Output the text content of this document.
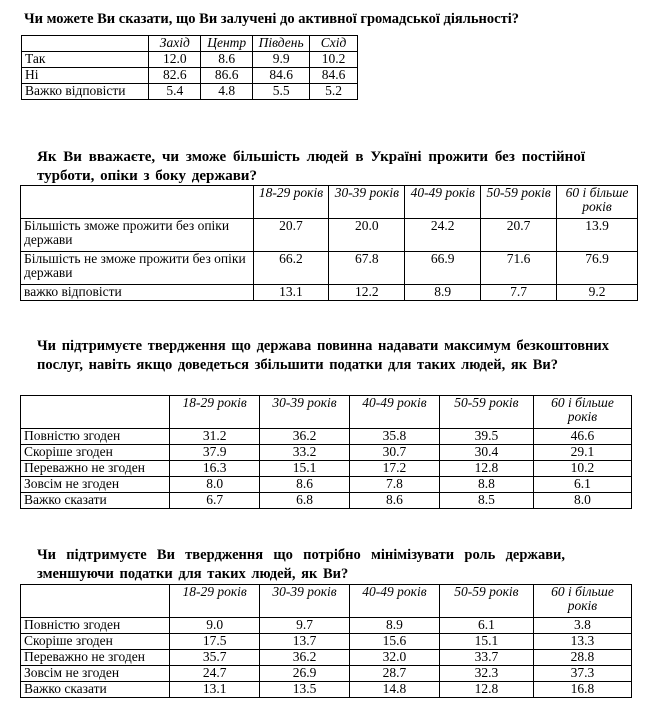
Чи можете Ви сказати, що Ви залучені до активної громадської діяльності?

	Захід	Центр	Південь	Схід
Так	12.0	8.6	9.9	10.2
Ні	82.6	86.6	84.6	84.6
Важко відповісти	5.4	4.8	5.5	5.2

Як Ви вважаєте, чи зможе більшість людей в Україні прожити без постійної турботи, опіки з боку держави?

	18-29 років	30-39 років	40-49 років	50-59 років	60 і більше років
Більшість зможе прожити без опіки держави	20.7	20.0	24.2	20.7	13.9
Більшість не зможе прожити без опіки держави	66.2	67.8	66.9	71.6	76.9
важко відповісти	13.1	12.2	8.9	7.7	9.2

Чи підтримуєте твердження що держава повинна надавати максимум безкоштовних послуг, навіть якщо доведеться збільшити податки для таких людей, як Ви?

	18-29 років	30-39 років	40-49 років	50-59 років	60 і більше років
Повністю згоден	31.2	36.2	35.8	39.5	46.6
Скоріше згоден	37.9	33.2	30.7	30.4	29.1
Переважно не згоден	16.3	15.1	17.2	12.8	10.2
Зовсім не згоден	8.0	8.6	7.8	8.8	6.1
Важко сказати	6.7	6.8	8.6	8.5	8.0

Чи підтримуєте Ви твердження що потрібно мінімізувати роль держави, зменшуючи податки для таких людей, як Ви?

	18-29 років	30-39 років	40-49 років	50-59 років	60 і більше років
Повністю згоден	9.0	9.7	8.9	6.1	3.8
Скоріше згоден	17.5	13.7	15.6	15.1	13.3
Переважно не згоден	35.7	36.2	32.0	33.7	28.8
Зовсім не згоден	24.7	26.9	28.7	32.3	37.3
Важко сказати	13.1	13.5	14.8	12.8	16.8
